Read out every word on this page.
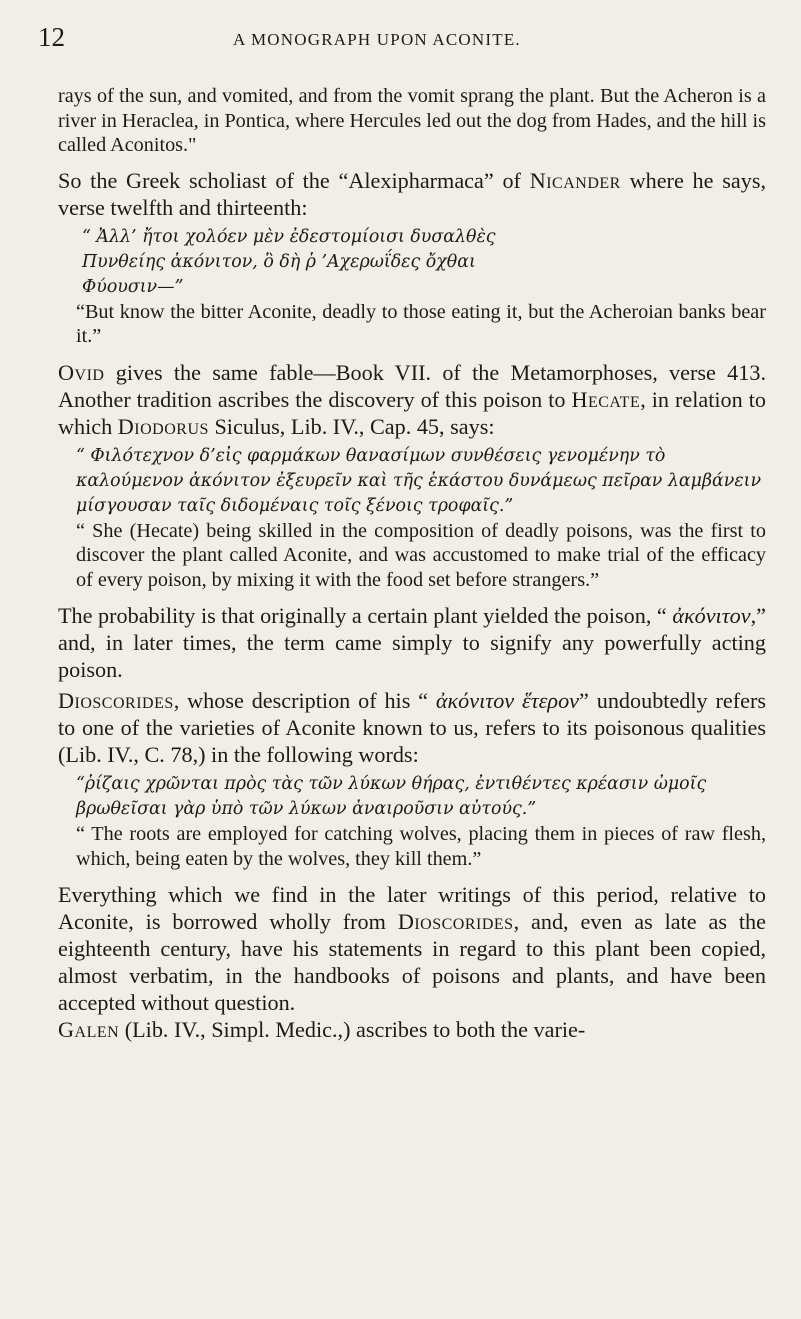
12	A MONOGRAPH UPON ACONITE.

rays of the sun, and vomited, and from the vomit sprang the plant. But the Acheron is a river in Heraclea, in Pontica, where Hercules led out the dog from Hades, and the hill is called Aconitos."

So the Greek scholiast of the “Alexipharmaca” of Nicander where he says, verse twelfth and thirteenth:

“ Ἀλλ’ ἤτοι χολόεν μὲν ἐδεστομίοισι δυσαλθὲς
Πυνθείης ἀκόνιτον, ὃ δὴ ῥ ’Αχερωΐδες ὄχθαι
Φύουσιν—”

“But know the bitter Aconite, deadly to those eating it, but the Acheroian banks bear it.”

Ovid gives the same fable—Book VII. of the Metamorphoses, verse 413. Another tradition ascribes the discovery of this poison to Hecate, in relation to which Diodorus Siculus, Lib. IV., Cap. 45, says:

“ Φιλότεχνον δ’εἰς φαρμάκων θανασίμων συνθέσεις γενομένην τὸ καλούμενον ἀκόνιτον ἐξευρεῖν καὶ τῆς ἑκάστου δυνάμεως πεῖραν λαμβάνειν μίσγουσαν ταῖς διδομέναις τοῖς ξένοις τροφαῖς.”

“ She (Hecate) being skilled in the composition of deadly poisons, was the first to discover the plant called Aconite, and was accustomed to make trial of the efficacy of every poison, by mixing it with the food set before strangers.”

The probability is that originally a certain plant yielded the poison, “ ἀκόνιτον,” and, in later times, the term came simply to signify any powerfully acting poison.

Dioscorides, whose description of his “ ἀκόνιτον ἕτερον” undoubtedly refers to one of the varieties of Aconite known to us, refers to its poisonous qualities (Lib. IV., C. 78,) in the following words:

“ῥίζαις χρῶνται πρὸς τὰς τῶν λύκων θήρας, ἐντιθέντες κρέασιν ὠμοῖς βρωθεῖσαι γὰρ ὑπὸ τῶν λύκων ἀναιροῦσιν αὐτούς.”

“ The roots are employed for catching wolves, placing them in pieces of raw flesh, which, being eaten by the wolves, they kill them.”

Everything which we find in the later writings of this period, relative to Aconite, is borrowed wholly from Dioscorides, and, even as late as the eighteenth century, have his statements in regard to this plant been copied, almost verbatim, in the handbooks of poisons and plants, and have been accepted without question.

Galen (Lib. IV., Simpl. Medic.,) ascribes to both the varie-
